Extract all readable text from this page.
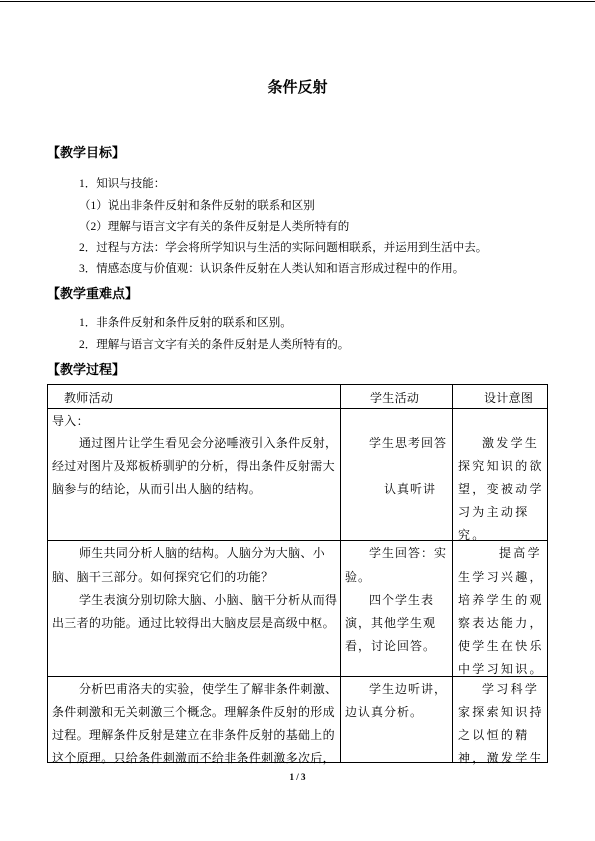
条件反射
【教学目标】
1．知识与技能：
（1）说出非条件反射和条件反射的联系和区别
（2）理解与语言文字有关的条件反射是人类所特有的
2．过程与方法：学会将所学知识与生活的实际问题相联系，并运用到生活中去。
3．情感态度与价值观：认识条件反射在人类认知和语言形成过程中的作用。
【教学重难点】
1．非条件反射和条件反射的联系和区别。
2．理解与语言文字有关的条件反射是人类所特有的。
【教学过程】
教师活动	学生活动	设计意图
导入：
通过图片让学生看见会分泌唾液引入条件反射，
经过对图片及郑板桥驯驴的分析，得出条件反射需大
脑参与的结论，从而引出人脑的结构。
学生思考回答
认真听讲
激发学生
探究知识的欲
望，变被动学
习为主动探
究。
师生共同分析人脑的结构。人脑分为大脑、小
脑、脑干三部分。如何探究它们的功能？
学生表演分别切除大脑、小脑、脑干分析从而得
出三者的功能。通过比较得出大脑皮层是高级中枢。
学生回答：实
验。
四个学生表
演，其他学生观
看，讨论回答。
提高学
生学习兴趣，
培养学生的观
察表达能力，
使学生在快乐
中学习知识。
分析巴甫洛夫的实验，使学生了解非条件刺激、
条件刺激和无关刺激三个概念。理解条件反射的形成
过程。理解条件反射是建立在非条件反射的基础上的
这个原理。只给条件刺激而不给非条件刺激多次后，
学生边听讲，
边认真分析。
学习科学
家探索知识持
之以恒的精
神，激发学生
1 / 3
